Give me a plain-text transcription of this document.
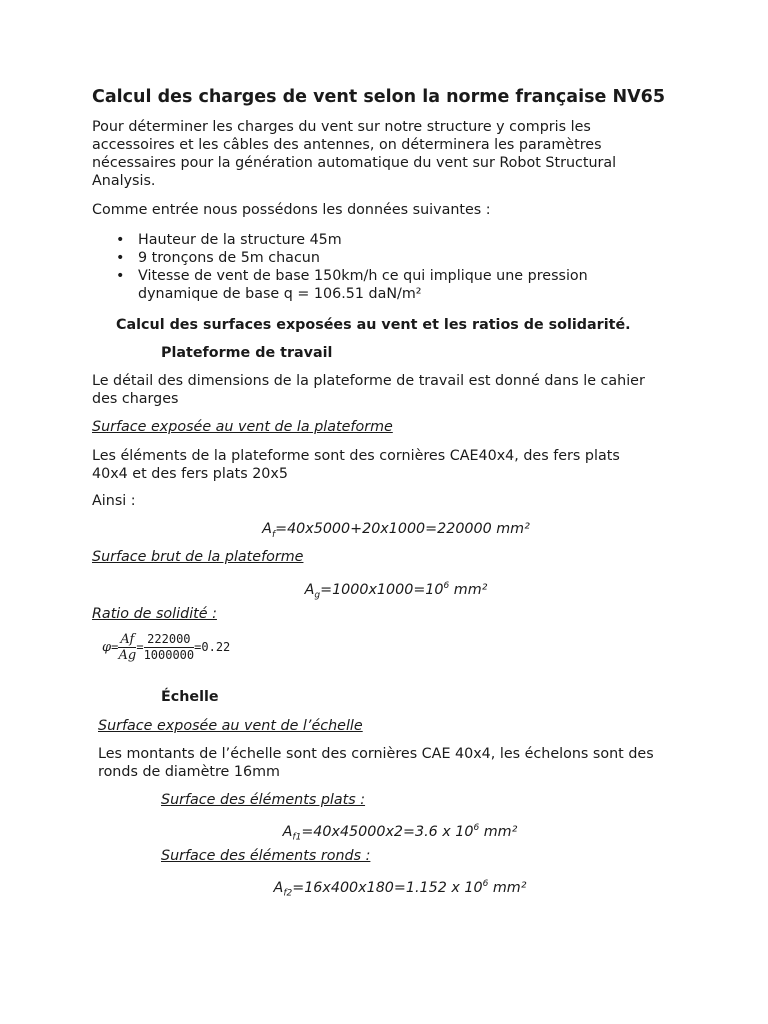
Calcul des charges de vent selon la norme française NV65

Pour déterminer les charges du vent sur notre structure y compris les
accessoires et les câbles des antennes, on déterminera les paramètres
nécessaires pour la génération automatique du vent sur Robot Structural
Analysis.

Comme entrée nous possédons les données suivantes :

• Hauteur de la structure 45m
• 9 tronçons de 5m chacun
• Vitesse de vent de base 150km/h ce qui implique une pression
dynamique de base q = 106.51 daN/m²

Calcul des surfaces exposées au vent et les ratios de solidarité.

Plateforme de travail

Le détail des dimensions de la plateforme de travail est donné dans le cahier
des charges

Surface exposée au vent de la plateforme

Les éléments de la plateforme sont des cornières CAE40x4, des fers plats
40x4 et des fers plats 20x5

Ainsi :

$A_f=40x5000+20x1000=220000$ mm²

Surface brut de la plateforme

$A_g=1000x1000=10^6$ mm²

Ratio de solidité :

$\varphi= \frac{Af}{Ag} = \frac{222000}{1000000} =0.22$

Échelle

Surface exposée au vent de l’échelle

Les montants de l’échelle sont des cornières CAE 40x4, les échelons sont des
ronds de diamètre 16mm

Surface des éléments plats :

$A_{f1}=40x45000x2=3.6$ x $10^6$ mm²

Surface des éléments ronds :

$A_{f2}=16x400x180=1.152$ x $10^6$ mm²
